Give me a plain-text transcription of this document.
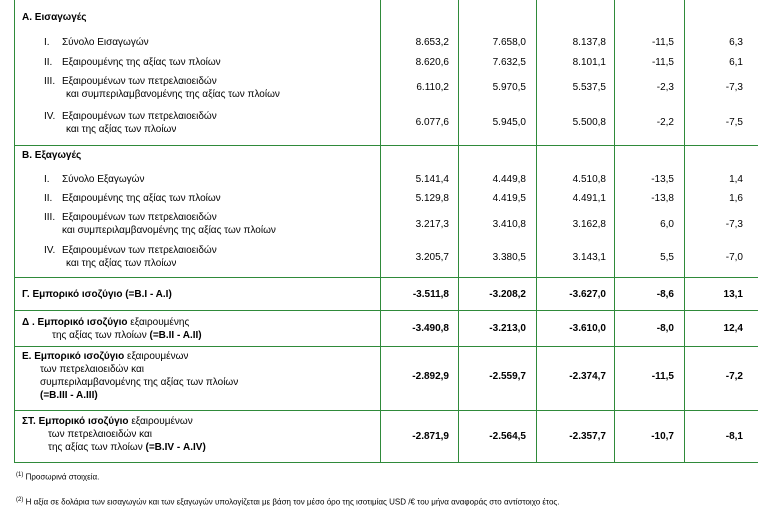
Α. Εισαγωγές
I. Σύνολο Εισαγωγών	8.653,2	7.658,0	8.137,8	-11,5	6,3
II. Εξαιρουμένης της αξίας των πλοίων	8.620,6	7.632,5	8.101,1	-11,5	6,1
III. Εξαιρουμένων των πετρελαιοειδών
και συμπεριλαμβανομένης της αξίας των πλοίων
6.110,2	5.970,5	5.537,5	-2,3	-7,3
IV. Εξαιρουμένων των πετρελαιοειδών
και της αξίας των πλοίων
6.077,6	5.945,0	5.500,8	-2,2	-7,5
Β. Εξαγωγές
I. Σύνολο Εξαγωγών	5.141,4	4.449,8	4.510,8	-13,5	1,4
II. Εξαιρουμένης της αξίας των πλοίων	5.129,8	4.419,5	4.491,1	-13,8	1,6
III. Εξαιρουμένων των πετρελαιοειδών
και συμπεριλαμβανομένης της αξίας των πλοίων
3.217,3	3.410,8	3.162,8	6,0	-7,3
IV. Εξαιρουμένων των πετρελαιοειδών
και της αξίας των πλοίων
3.205,7	3.380,5	3.143,1	5,5	-7,0
Γ. Εμπορικό ισοζύγιο (=Β.Ι - Α.Ι)	-3.511,8	-3.208,2	-3.627,0	-8,6	13,1
Δ . Εμπορικό ισοζύγιο εξαιρουμένης
της αξίας των πλοίων (=Β.ΙΙ - Α.ΙΙ)
-3.490,8	-3.213,0	-3.610,0	-8,0	12,4
Ε. Εμπορικό ισοζύγιο εξαιρουμένων
των πετρελαιοειδών και
συμπεριλαμβανομένης της αξίας των πλοίων
(=Β.ΙΙΙ - Α.ΙΙΙ)
-2.892,9	-2.559,7	-2.374,7	-11,5	-7,2
ΣΤ. Εμπορικό ισοζύγιο εξαιρουμένων
των πετρελαιοειδών και
της αξίας των πλοίων (=Β.ΙV - Α.ΙV)
-2.871,9	-2.564,5	-2.357,7	-10,7	-8,1
$^{(1)}$ Προσωρινά στοιχεία.
$^{(2)}$ Η αξία σε δολάρια των εισαγωγών και των εξαγωγών υπολογίζεται με βάση τον μέσο όρο της ισοτιμίας USD /€ του μήνα αναφοράς στο αντίστοιχο έτος.
